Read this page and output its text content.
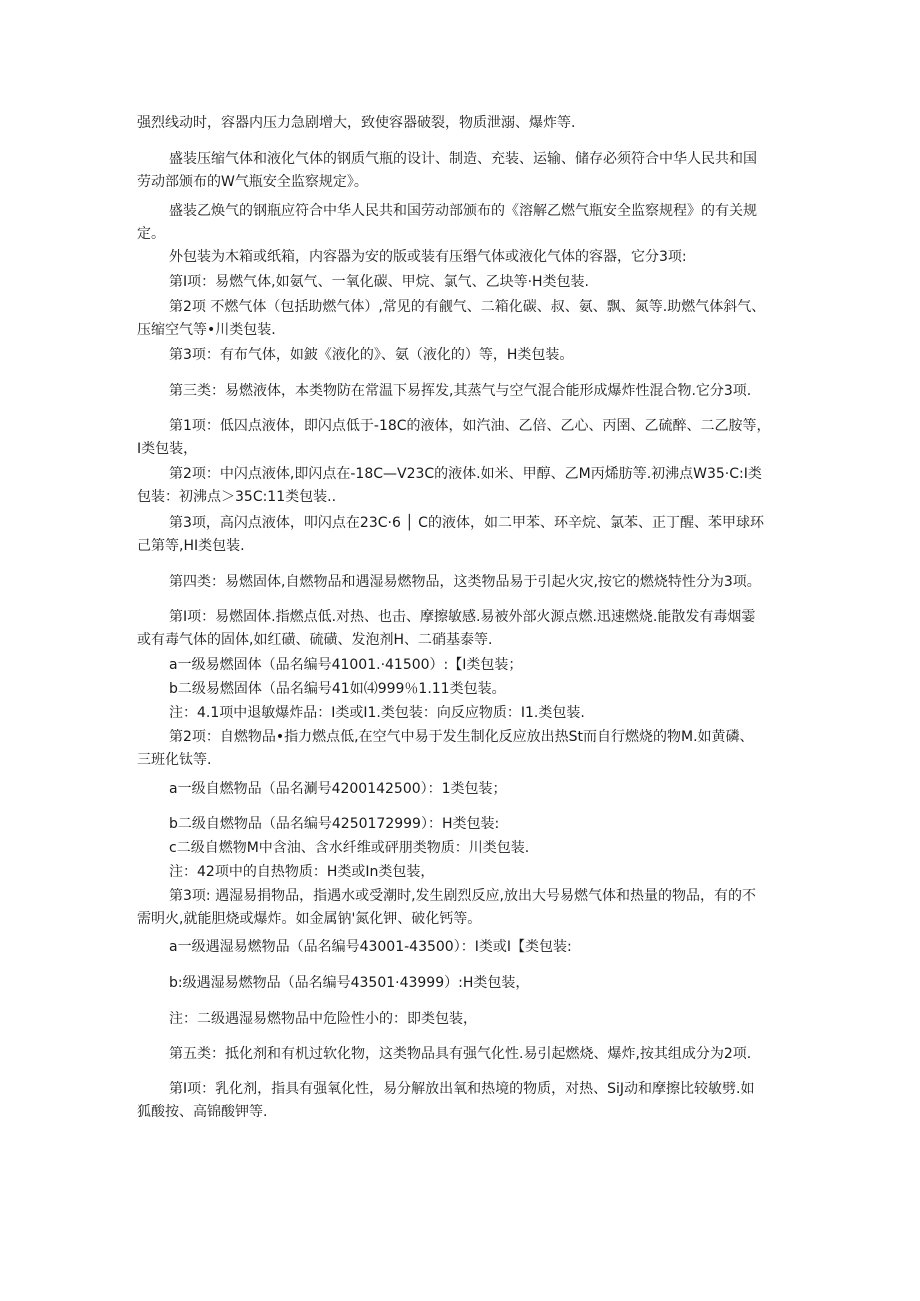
强烈线动时，容器内压力急剧增大，致使容器破裂，物质泄溺、爆炸等.

盛装压缩气体和液化气体的钢质气瓶的设计、制造、充装、运输、储存必须符合中华人民共和国
劳动部颁布的W气瓶安全监察规定》。

盛装乙焕气的钢瓶应符合中华人民共和国劳动部颁布的《溶解乙燃气瓶安全监察规程》的有关规
定。

外包装为木箱或纸箱，内容器为安的版或装有压缗气体或液化气体的容器，它分3项:

第I项：易燃气体,如氨气、一氧化碳、甲烷、氯气、乙块等·H类包装.

第2项 不燃气体（包括助燃气体）,常见的有觎气、二箱化碳、叔、氨、飘、氮等.助燃气体斜气、
压缩空气等•川类包装.

第3项：有布气体，如鈹《液化的》、氨（液化的）等，H类包装。

第三类：易燃液体，本类物防在常温下易挥发,其蒸气与空气混合能形成爆炸性混合物.它分3项.

第1项：低囚点液体，即闪点低于-18C的液体，如汽油、乙倍、乙心、丙圉、乙硫醉、二乙胺等，
I类包装，

第2项：中闪点液体,即闪点在-18C—V23C的液体.如米、甲醇、乙M丙烯肪等.初沸点W35·C:I类
包装：初沸点＞35C:11类包装..

第3项，高闪点液体，叩闪点在23C·6 │ C的液体，如二甲苯、环辛烷、氯苯、正丁醒、苯甲球环
己第等,HI类包装.

第四类：易燃固体,自燃物品和遇湿易燃物品，这类物品易于引起火灾,按它的燃烧特性分为3项。

第I项：易燃固体.指燃点低.对热、也击、摩擦敏感.易被外部火源点燃.迅速燃烧.能散发有毒烟霎
或有毒气体的固体,如红磺、硫磺、发泡剂H、二硝基泰等.

a一级易燃固体（品名编号41001.·41500）:【I类包装；

b二级易燃固体（品名编号41如⑷999％1.11类包装。

注：4.1项中退敏爆炸品：I类或I1.类包装：向反应物质：I1.类包装.

第2项：自燃物品•指力燃点低,在空气中易于发生制化反应放出热St而自行燃烧的物M.如黄磷、
三班化钛等.

a一级自燃物品（品名涮号4200142500）：1类包装；

b二级自燃物品（品名编号4250172999）：H类包装:

c二级自燃物M中含油、含水纤维或砰朋类物质：川类包装.

注：42项中的自热物质：H类或In类包装，

第3项: 遇湿易捐物品，指遇水或受潮时,发生剧烈反应,放出大号易燃气体和热量的物品，有的不
需明火,就能胆烧或爆炸。如金属钠'氮化钾、破化钙等。

a一级遇湿易燃物品（品名编号43001-43500）：I类或I【类包装:

b:级遇湿易燃物品（品名编号43501·43999）:H类包装，

注：二级遇湿易燃物品中危险性小的：即类包装，

第五类：抵化剂和有机过软化物，这类物品具有强气化性.易引起燃烧、爆炸,按其组成分为2项.

第I项：乳化剂，指具有强氧化性，易分解放出氧和热境的物质，对热、SiJ动和摩擦比较敏劈.如
狐酸按、高锦酸钾等.
